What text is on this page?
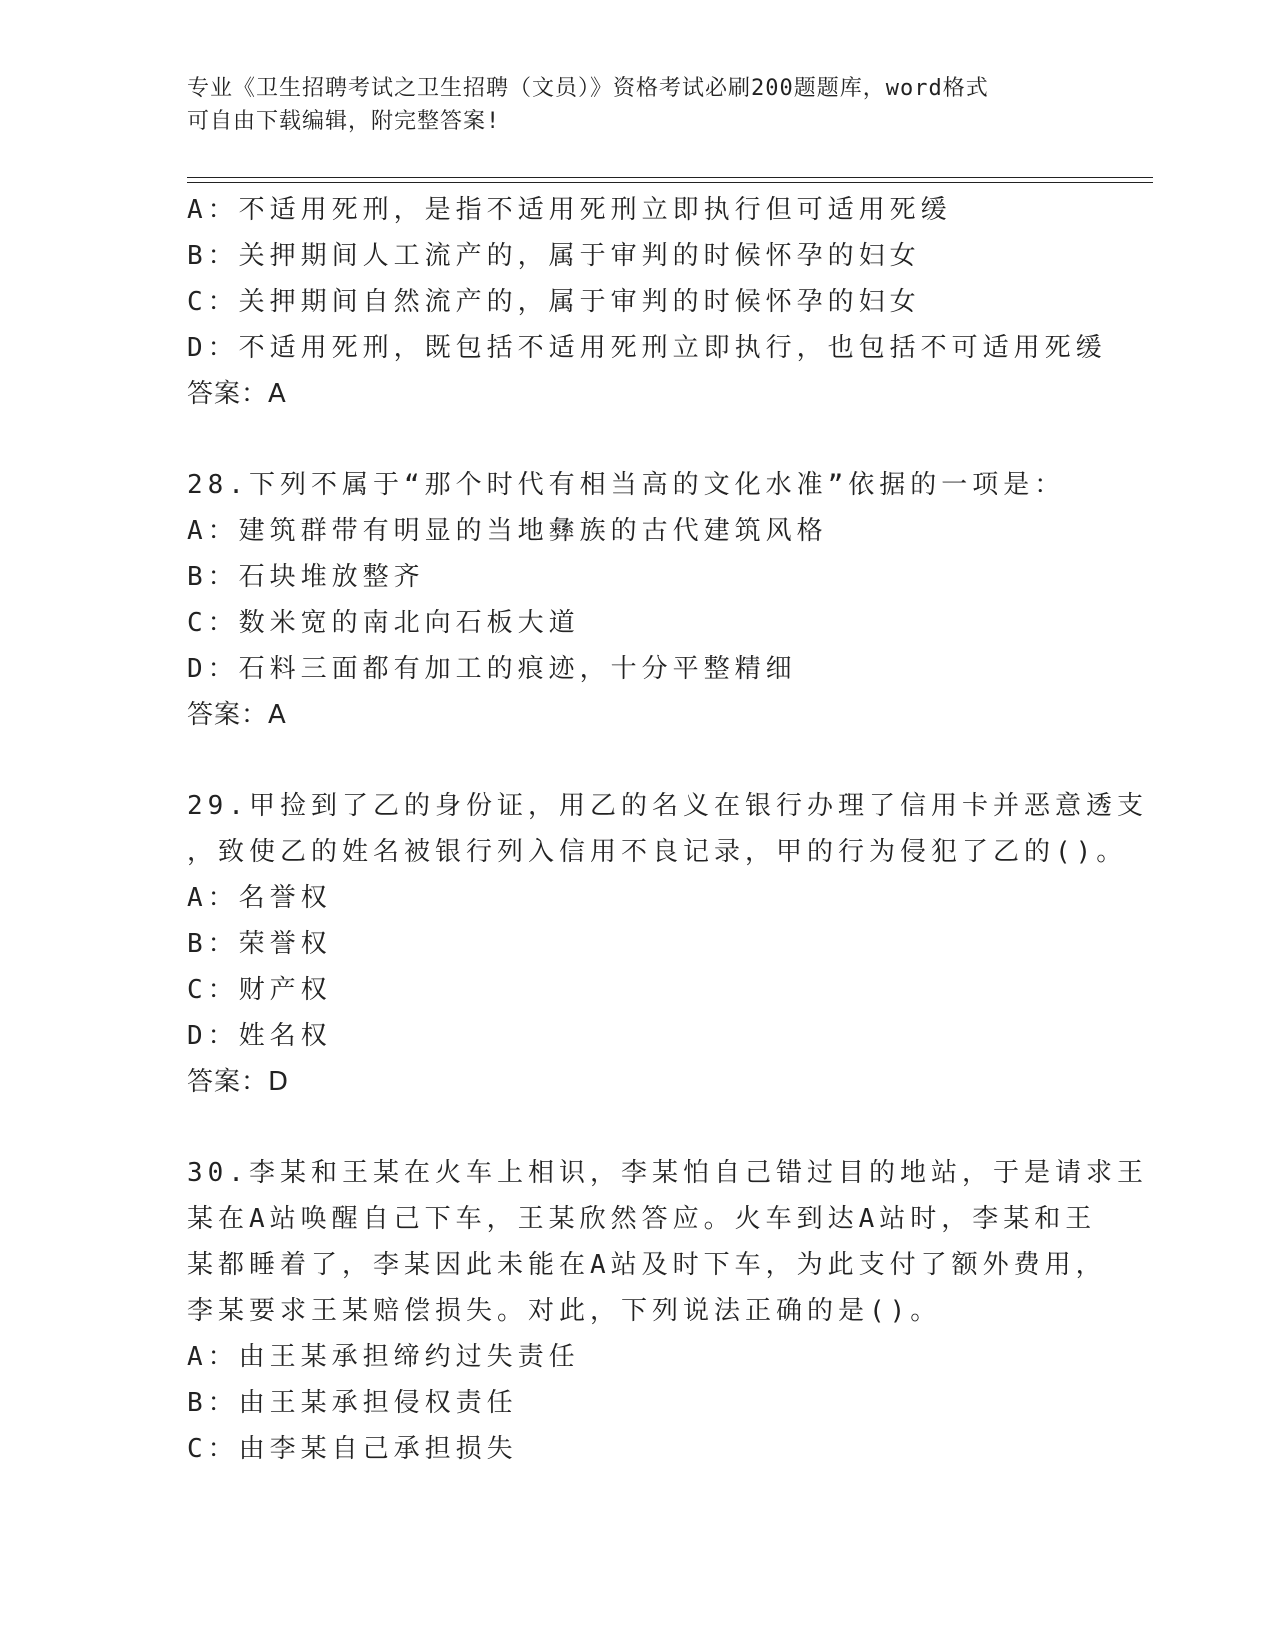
专业《卫生招聘考试之卫生招聘（文员）》资格考试必刷200题题库，word格式
可自由下载编辑，附完整答案!
A：不适用死刑，是指不适用死刑立即执行但可适用死缓
B：关押期间人工流产的，属于审判的时候怀孕的妇女
C：关押期间自然流产的，属于审判的时候怀孕的妇女
D：不适用死刑，既包括不适用死刑立即执行，也包括不可适用死缓
答案：A
28.下列不属于“那个时代有相当高的文化水准”依据的一项是：
A：建筑群带有明显的当地彝族的古代建筑风格
B：石块堆放整齐
C：数米宽的南北向石板大道
D：石料三面都有加工的痕迹，十分平整精细
答案：A
29.甲捡到了乙的身份证，用乙的名义在银行办理了信用卡并恶意透支
，致使乙的姓名被银行列入信用不良记录，甲的行为侵犯了乙的()。
A：名誉权
B：荣誉权
C：财产权
D：姓名权
答案：D
30.李某和王某在火车上相识，李某怕自己错过目的地站，于是请求王
某在A站唤醒自己下车，王某欣然答应。火车到达A站时，李某和王
某都睡着了，李某因此未能在A站及时下车，为此支付了额外费用，
李某要求王某赔偿损失。对此，下列说法正确的是()。
A：由王某承担缔约过失责任
B：由王某承担侵权责任
C：由李某自己承担损失
